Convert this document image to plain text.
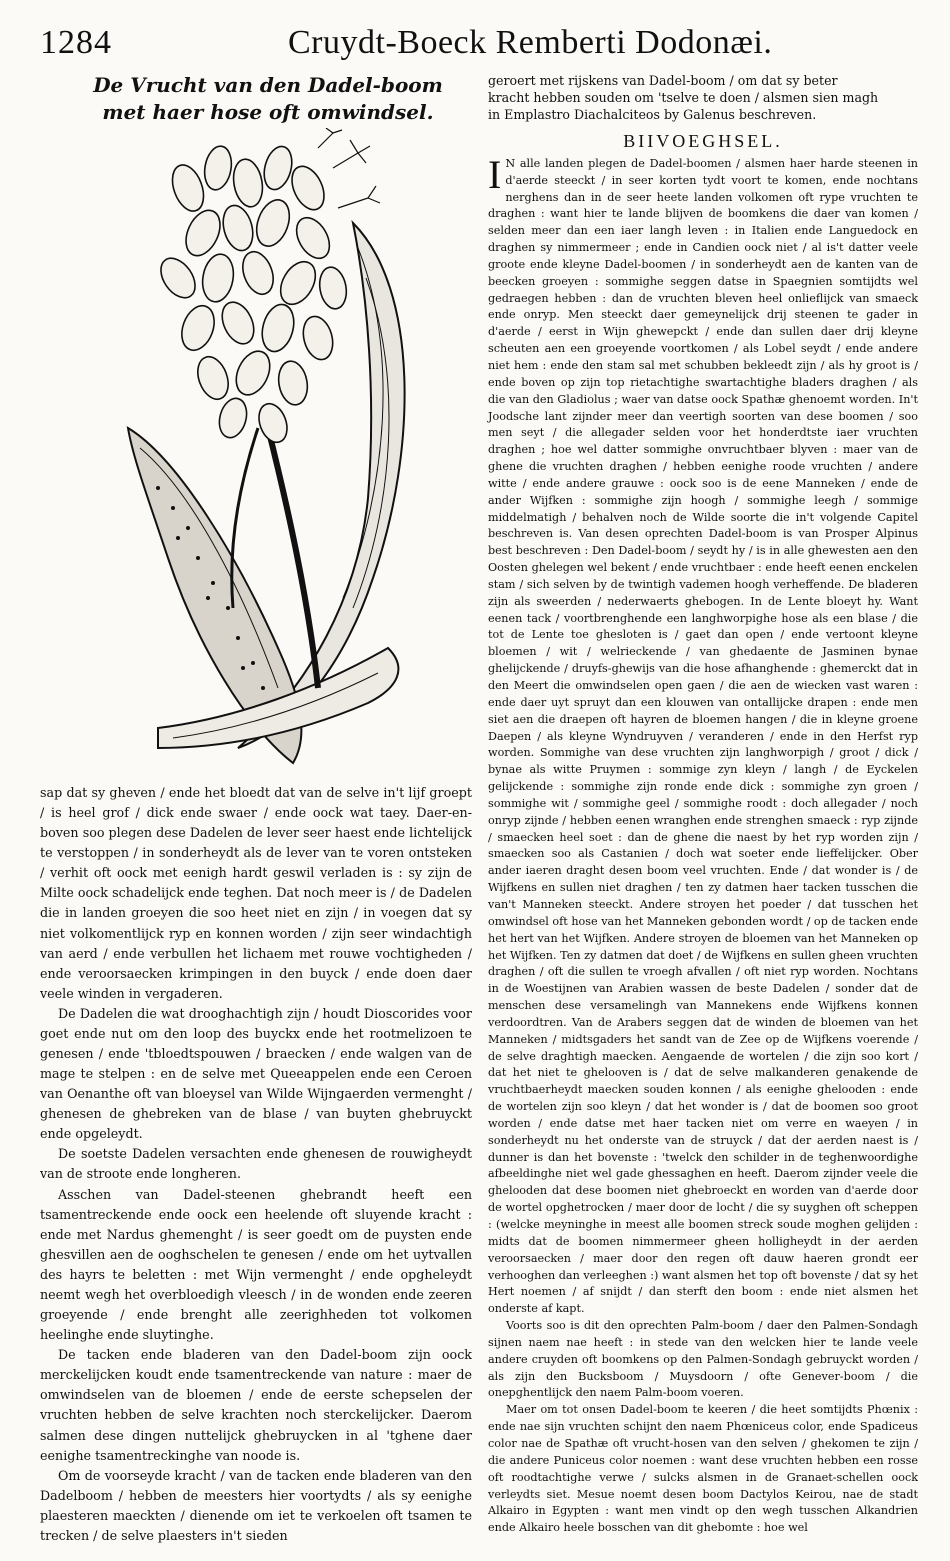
1284	Cruydt-Boeck Remberti Dodonæi.
De Vrucht van den Dadel-boom
met haer hose oft omwindsel.

sap dat sy gheven / ende het bloedt dat van de selve in't lijf groept / is heel grof / dick ende swaer / ende oock wat taey. Daer-en-boven soo plegen dese Dadelen de lever seer haest ende lichtelijck te verstoppen / in sonderheydt als de lever van te voren ontsteken / verhit oft oock met eenigh hardt geswil verladen is : sy zijn de Milte oock schadelijck ende teghen. Dat noch meer is / de Dadelen die in landen groeyen die soo heet niet en zijn / in voegen dat sy niet volkomentlijck ryp en konnen worden / zijn seer windachtigh van aerd / ende verbullen het lichaem met rouwe vochtigheden / ende veroorsaecken krimpingen in den buyck / ende doen daer veele winden in vergaderen.

De Dadelen die wat drooghachtigh zijn / houdt Dioscorides voor goet ende nut om den loop des buyckx ende het rootmelizoen te genesen / ende 'tbloedtspouwen / braecken / ende walgen van de mage te stelpen : en de selve met Queeappelen ende een Ceroen van Oenanthe oft van bloeysel van Wilde Wijngaerden vermenght / ghenesen de ghebreken van de blase / van buyten ghebruyckt ende opgeleydt.

De soetste Dadelen versachten ende ghenesen de rouwigheydt van de stroote ende longheren.

Asschen van Dadel-steenen ghebrandt heeft een tsamentreckende ende oock een heelende oft sluyende kracht : ende met Nardus ghemenght / is seer goedt om de puysten ende ghesvillen aen de ooghschelen te genesen / ende om het uytvallen des hayrs te beletten : met Wijn vermenght / ende opgheleydt neemt wegh het overbloedigh vleesch / in de wonden ende zeeren groeyende / ende brenght alle zeerighheden tot volkomen heelinghe ende sluytinghe.

De tacken ende bladeren van den Dadel-boom zijn oock merckelijcken koudt ende tsamentreckende van nature : maer de omwindselen van de bloemen / ende de eerste schepselen der vruchten hebben de selve krachten noch sterckelijcker. Daerom salmen dese dingen nuttelijck ghebruycken in al 'tghene daer eenighe tsamentreckinghe van noode is.

Om de voorseyde kracht / van de tacken ende bladeren van den Dadelboom / hebben de meesters hier voortydts / als sy eenighe plaesteren maeckten / dienende om iet te verkoelen oft tsamen te trecken / de selve plaesters in't sieden

geroert met rijskens van Dadel-boom / om dat sy beter

kracht hebben souden om 'tselve te doen / alsmen sien magh

in Emplastro Diachalciteos by Galenus beschreven.

BIIVOEGHSEL.

I N alle landen plegen de Dadel-boomen / alsmen haer harde steenen in d'aerde steeckt / in seer korten tydt voort te komen, ende nochtans nerghens dan in de seer heete landen volkomen oft rype vruchten te draghen : want hier te lande blijven de boomkens die daer van komen / selden meer dan een iaer langh leven : in Italien ende Languedock en draghen sy nimmermeer ; ende in Candien oock niet / al is't datter veele groote ende kleyne Dadel-boomen / in sonderheydt aen de kanten van de beecken groeyen : sommighe seggen datse in Spaegnien somtijdts wel gedraegen hebben : dan de vruchten bleven heel onlieflijck van smaeck ende onryp. Men steeckt daer gemeynelijck drij steenen te gader in d'aerde / eerst in Wijn ghewepckt / ende dan sullen daer drij kleyne scheuten aen een groeyende voortkomen / als Lobel seydt / ende andere niet hem : ende den stam sal met schubben bekleedt zijn / als hy groot is / ende boven op zijn top rietachtighe swartachtighe bladers draghen / als die van den Gladiolus ; waer van datse oock Spathæ ghenoemt worden. In't Joodsche lant zijnder meer dan veertigh soorten van dese boomen / soo men seyt / die allegader selden voor het honderdtste iaer vruchten draghen ; hoe wel datter sommighe onvruchtbaer blyven : maer van de ghene die vruchten draghen / hebben eenighe roode vruchten / andere witte / ende andere grauwe : oock soo is de eene Manneken / ende de ander Wijfken : sommighe zijn hoogh / sommighe leegh / sommige middelmatigh / behalven noch de Wilde soorte die in't volgende Capitel beschreven is. Van desen oprechten Dadel-boom is van Prosper Alpinus best beschreven : Den Dadel-boom / seydt hy / is in alle ghewesten aen den Oosten ghelegen wel bekent / ende vruchtbaer : ende heeft eenen enckelen stam / sich selven by de twintigh vademen hoogh verheffende. De bladeren zijn als sweerden / nederwaerts ghebogen. In de Lente bloeyt hy. Want eenen tack / voortbrenghende een langhworpighe hose als een blase / die tot de Lente toe ghesloten is / gaet dan open / ende vertoont kleyne bloemen / wit / welrieckende / van ghedaente de Jasminen bynae ghelijckende / druyfs-ghewijs van die hose afhanghende : ghemerckt dat in den Meert die omwindselen open gaen / die aen de wiecken vast waren : ende daer uyt spruyt dan een klouwen van ontallijcke drapen : ende men siet aen die draepen oft hayren de bloemen hangen / die in kleyne groene Daepen / als kleyne Wyndruyven / veranderen / ende in den Herfst ryp worden. Sommighe van dese vruchten zijn langhworpigh / groot / dick / bynae als witte Pruymen : sommige zyn kleyn / langh / de Eyckelen gelijckende : sommighe zijn ronde ende dick : sommighe zyn groen / sommighe wit / sommighe geel / sommighe roodt : doch allegader / noch onryp zijnde / hebben eenen wranghen ende strenghen smaeck : ryp zijnde / smaecken heel soet : dan de ghene die naest by het ryp worden zijn / smaecken soo als Castanien / doch wat soeter ende lieffelijcker. Ober ander iaeren draght desen boom veel vruchten. Ende / dat wonder is / de Wijfkens en sullen niet draghen / ten zy datmen haer tacken tusschen die van't Manneken steeckt. Andere stroyen het poeder / dat tusschen het omwindsel oft hose van het Manneken gebonden wordt / op de tacken ende het hert van het Wijfken. Andere stroyen de bloemen van het Manneken op het Wijfken. Ten zy datmen dat doet / de Wijfkens en sullen gheen vruchten draghen / oft die sullen te vroegh afvallen / oft niet ryp worden. Nochtans in de Woestijnen van Arabien wassen de beste Dadelen / sonder dat de menschen dese versamelingh van Mannekens ende Wijfkens konnen verdoordtren. Van de Arabers seggen dat de winden de bloemen van het Manneken / midtsgaders het sandt van de Zee op de Wijfkens voerende / de selve draghtigh maecken. Aengaende de wortelen / die zijn soo kort / dat het niet te ghelooven is / dat de selve malkanderen genakende de vruchtbaerheydt maecken souden konnen / als eenighe ghelooden : ende de wortelen zijn soo kleyn / dat het wonder is / dat de boomen soo groot worden / ende datse met haer tacken niet om verre en waeyen / in sonderheydt nu het onderste van de struyck / dat der aerden naest is / dunner is dan het bovenste : 'twelck den schilder in de teghenwoordighe afbeeldinghe niet wel gade ghessaghen en heeft. Daerom zijnder veele die ghelooden dat dese boomen niet ghebroeckt en worden van d'aerde door de wortel opghetrocken / maer door de locht / die sy suyghen oft scheppen : (welcke meyninghe in meest alle boomen streck soude moghen gelijden : midts dat de boomen nimmermeer gheen holligheydt in der aerden veroorsaecken / maer door den regen oft dauw haeren grondt eer verhooghen dan verleeghen :) want alsmen het top oft bovenste / dat sy het Hert noemen / af snijdt / dan sterft den boom : ende niet alsmen het onderste af kapt.

Voorts soo is dit den oprechten Palm-boom / daer den Palmen-Sondagh sijnen naem nae heeft : in stede van den welcken hier te lande veele andere cruyden oft boomkens op den Palmen-Sondagh gebruyckt worden / als zijn den Bucksboom / Muysdoorn / ofte Genever-boom / die onepghentlijck den naem Palm-boom voeren.

Maer om tot onsen Dadel-boom te keeren / die heet somtijdts Phœnix : ende nae sijn vruchten schijnt den naem Phœniceus color, ende Spadiceus color nae de Spathæ oft vrucht-hosen van den selven / ghekomen te zijn / die andere Puniceus color noemen : want dese vruchten hebben een rosse oft roodtachtighe verwe / sulcks alsmen in de Granaet-schellen oock verleydts siet. Mesue noemt desen boom Dactylos Keirou, nae de stadt Alkairo in Egypten : want men vindt op den wegh tusschen Alkandrien ende Alkairo heele bosschen van dit ghebomte : hoe wel
